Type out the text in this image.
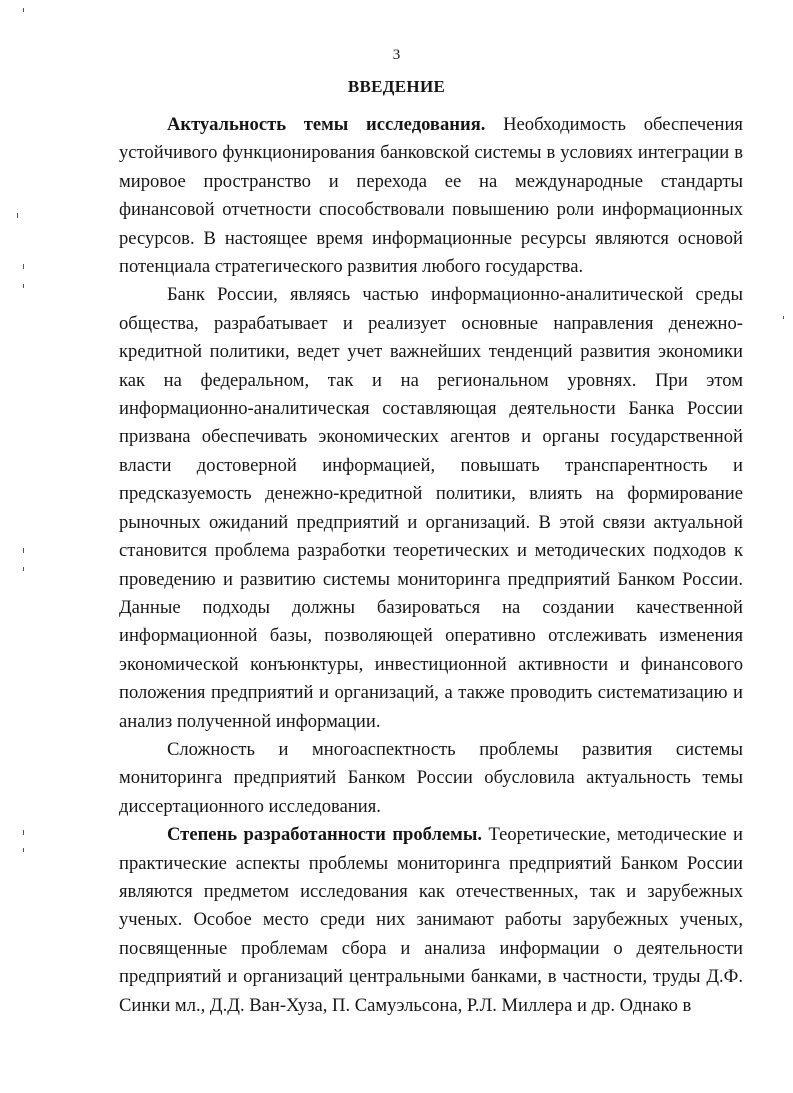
3
ВВЕДЕНИЕ

Актуальность темы исследования. Необходимость обеспечения устойчивого функционирования банковской системы в условиях интеграции в мировое пространство и перехода ее на международные стандарты финансовой отчетности способствовали повышению роли информационных ресурсов. В настоящее время информационные ресурсы являются основой потенциала стратегического развития любого государства.

Банк России, являясь частью информационно-аналитической среды общества, разрабатывает и реализует основные направления денежно-кредитной политики, ведет учет важнейших тенденций развития экономики как на федеральном, так и на региональном уровнях. При этом информационно-аналитическая составляющая деятельности Банка России призвана обеспечивать экономических агентов и органы государственной власти достоверной информацией, повышать транспарентность и предсказуемость денежно-кредитной политики, влиять на формирование рыночных ожиданий предприятий и организаций. В этой связи актуальной становится проблема разработки теоретических и методических подходов к проведению и развитию системы мониторинга предприятий Банком России. Данные подходы должны базироваться на создании качественной информационной базы, позволяющей оперативно отслеживать изменения экономической конъюнктуры, инвестиционной активности и финансового положения предприятий и организаций, а также проводить систематизацию и анализ полученной информации.

Сложность и многоаспектность проблемы развития системы мониторинга предприятий Банком России обусловила актуальность темы диссертационного исследования.

Степень разработанности проблемы. Теоретические, методические и практические аспекты проблемы мониторинга предприятий Банком России являются предметом исследования как отечественных, так и зарубежных ученых. Особое место среди них занимают работы зарубежных ученых, посвященные проблемам сбора и анализа информации о деятельности предприятий и организаций центральными банками, в частности, труды Д.Ф. Синки мл., Д.Д. Ван-Хуза, П. Самуэльсона, Р.Л. Миллера и др. Однако в
